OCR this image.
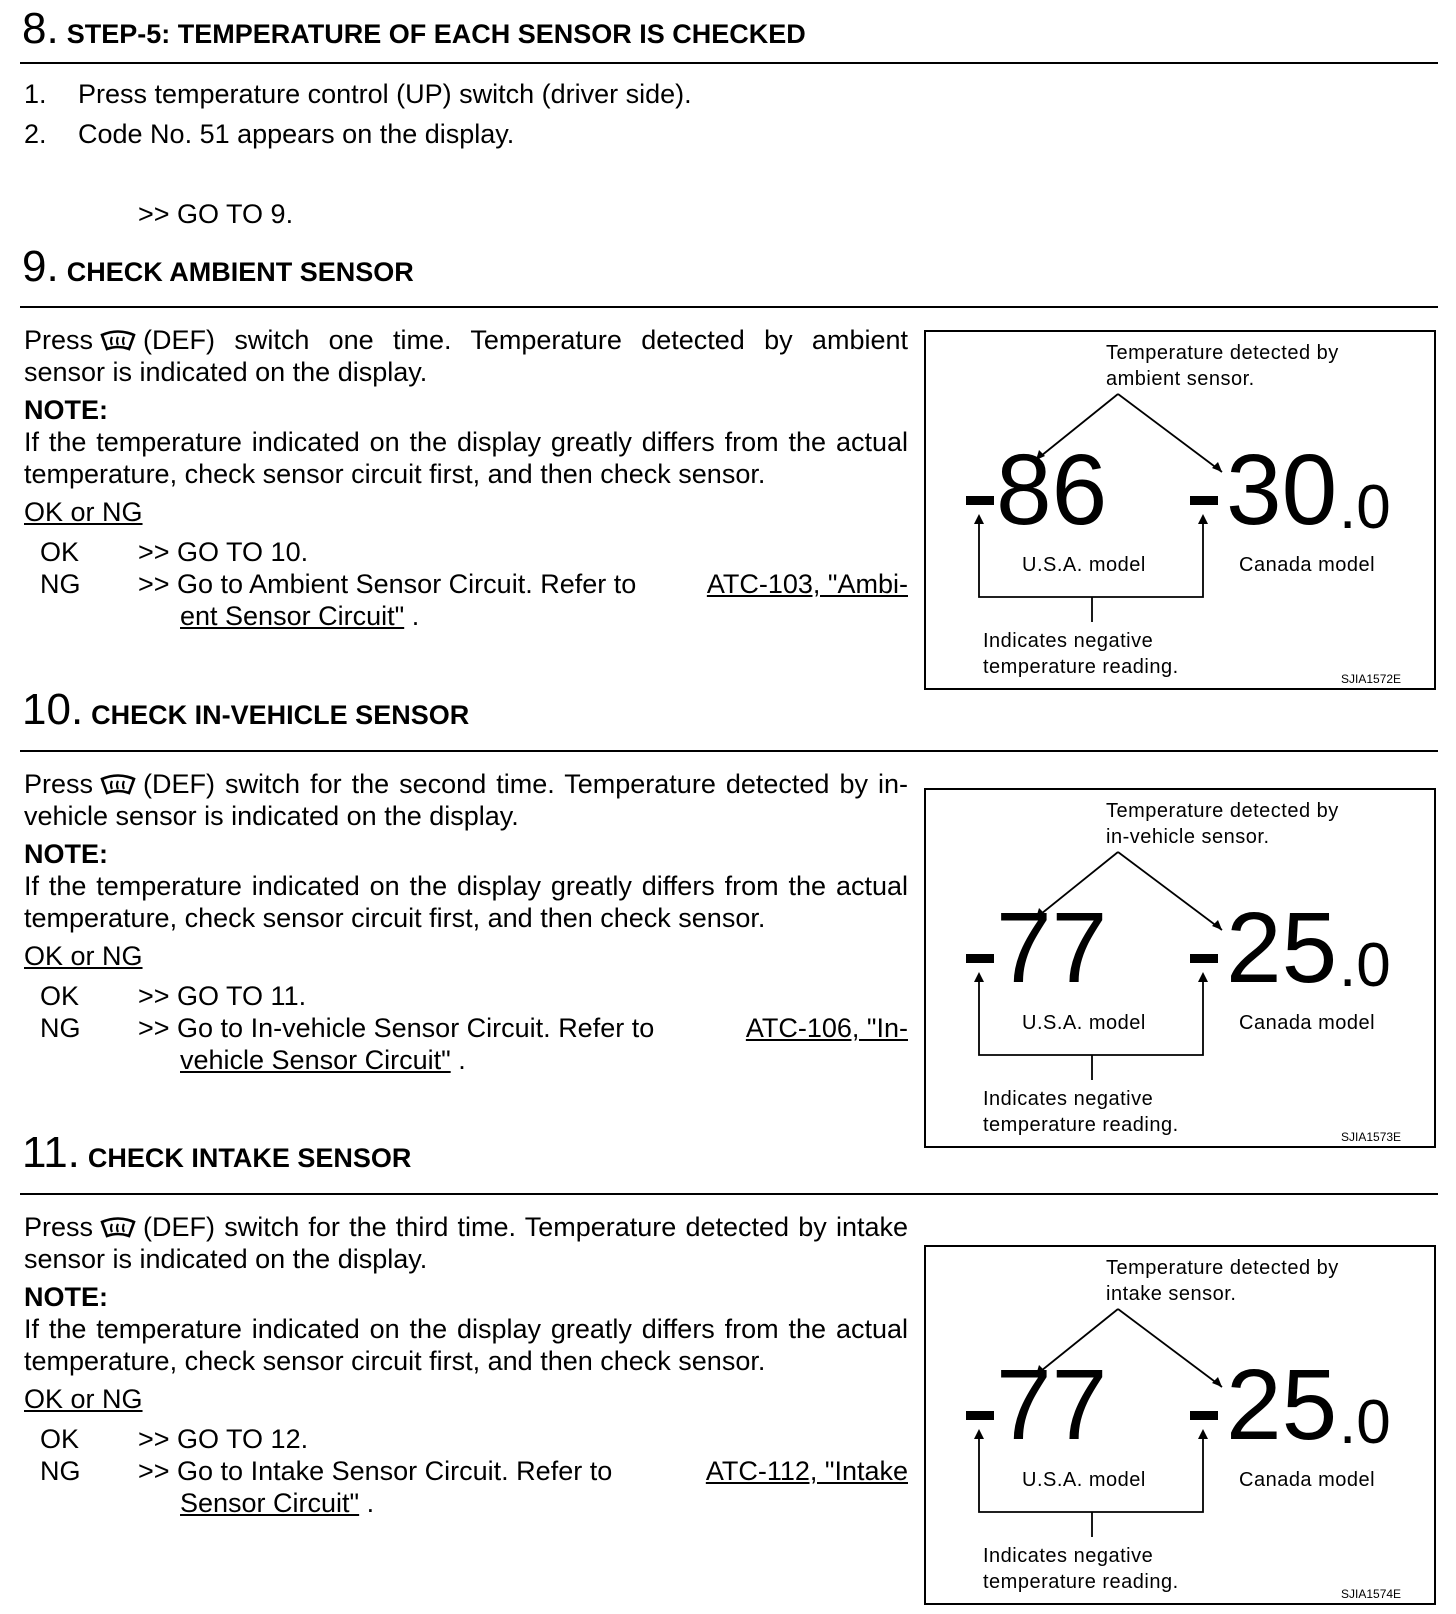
8. STEP-5: TEMPERATURE OF EACH SENSOR IS CHECKED
1. Press temperature control (UP) switch (driver side).
2. Code No. 51 appears on the display.
>> GO TO 9.
9. CHECK AMBIENT SENSOR
Press (DEF) switch one time. Temperature detected by ambient sensor is indicated on the display.
NOTE:
If the temperature indicated on the display greatly differs from the actual temperature, check sensor circuit first, and then check sensor.
OK or NG
OK >> GO TO 10.
NG >> Go to Ambient Sensor Circuit. Refer to	ATC-103, "Ambi-
ent Sensor Circuit" .
Temperature detected by
ambient sensor.
86 30 .0
U.S.A. model	Canada model
Indicates negative
temperature reading.
SJIA1572E
10. CHECK IN-VEHICLE SENSOR
Press (DEF) switch for the second time. Temperature detected by in-vehicle sensor is indicated on the display.
NOTE:
If the temperature indicated on the display greatly differs from the actual temperature, check sensor circuit first, and then check sensor.
OK or NG
OK >> GO TO 11.
NG >> Go to In-vehicle Sensor Circuit. Refer to	ATC-106, "In-
vehicle Sensor Circuit" .
Temperature detected by
in-vehicle sensor.
77 25 .0
U.S.A. model	Canada model
Indicates negative
temperature reading.
SJIA1573E
11. CHECK INTAKE SENSOR
Press (DEF) switch for the third time. Temperature detected by intake sensor is indicated on the display.
NOTE:
If the temperature indicated on the display greatly differs from the actual temperature, check sensor circuit first, and then check sensor.
OK or NG
OK >> GO TO 12.
NG >> Go to Intake Sensor Circuit. Refer to	ATC-112, "Intake
Sensor Circuit" .
Temperature detected by
intake sensor.
77 25 .0
U.S.A. model	Canada model
Indicates negative
temperature reading.
SJIA1574E
